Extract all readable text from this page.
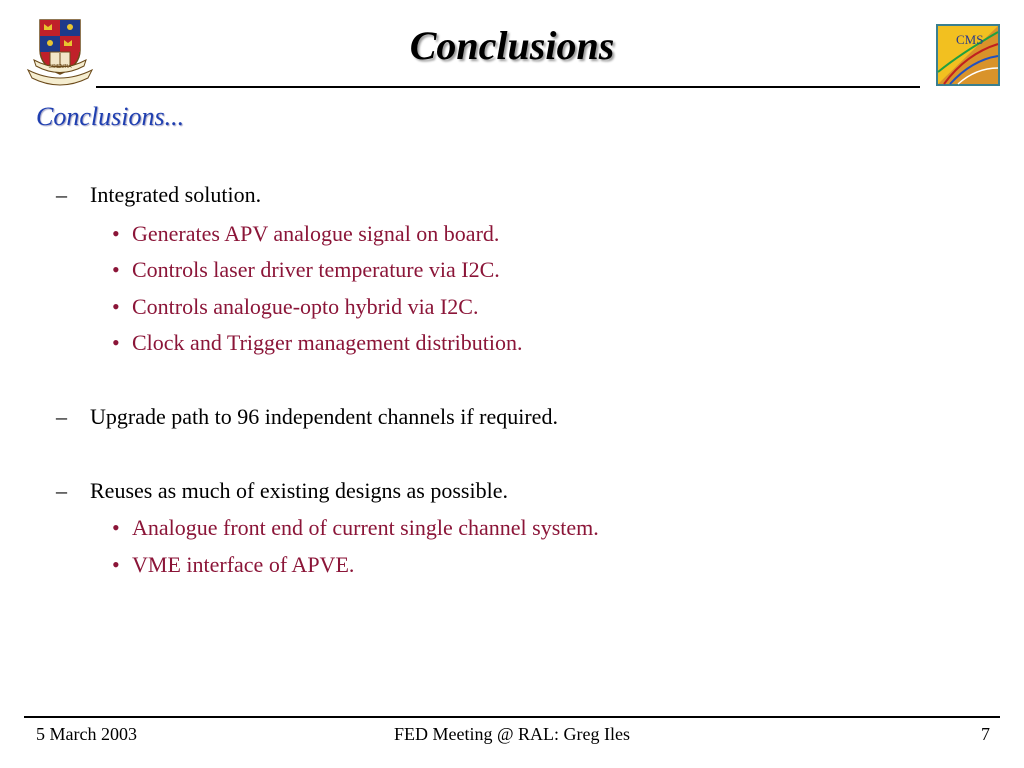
SCIENTIA	Conclusions	CMS
Conclusions...
– Integrated solution.
• Generates APV analogue signal on board.
• Controls laser driver temperature via I2C.
• Controls analogue-opto hybrid via I2C.
• Clock and Trigger management distribution.
– Upgrade path to 96 independent channels if required.
– Reuses as much of existing designs as possible.
• Analogue front end of current single channel system.
• VME interface of APVE.
5 March 2003	FED Meeting @ RAL: Greg Iles	7
